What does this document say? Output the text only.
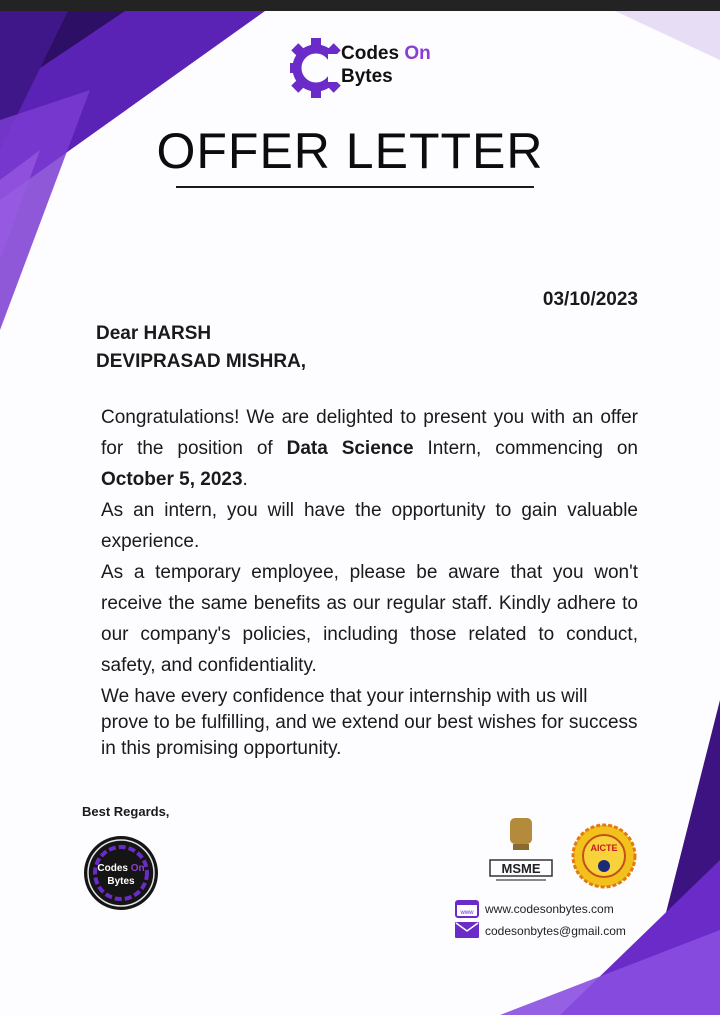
Codes On
Bytes
OFFER LETTER
03/10/2023
Dear HARSH
DEVIPRASAD MISHRA,

Congratulations! We are delighted to present you with an offer for the position of Data Science Intern, commencing on October 5, 2023.

As an intern, you will have the opportunity to gain valuable experience.

As a temporary employee, please be aware that you won't receive the same benefits as our regular staff. Kindly adhere to our company's policies, including those related to conduct, safety, and confidentiality.

We have every confidence that your internship with us will prove to be fulfilling, and we extend our best wishes for success in this promising opportunity.

Best Regards,
Codes On
Bytes
MSME
AICTE
www www.codesonbytes.com
codesonbytes@gmail.com
